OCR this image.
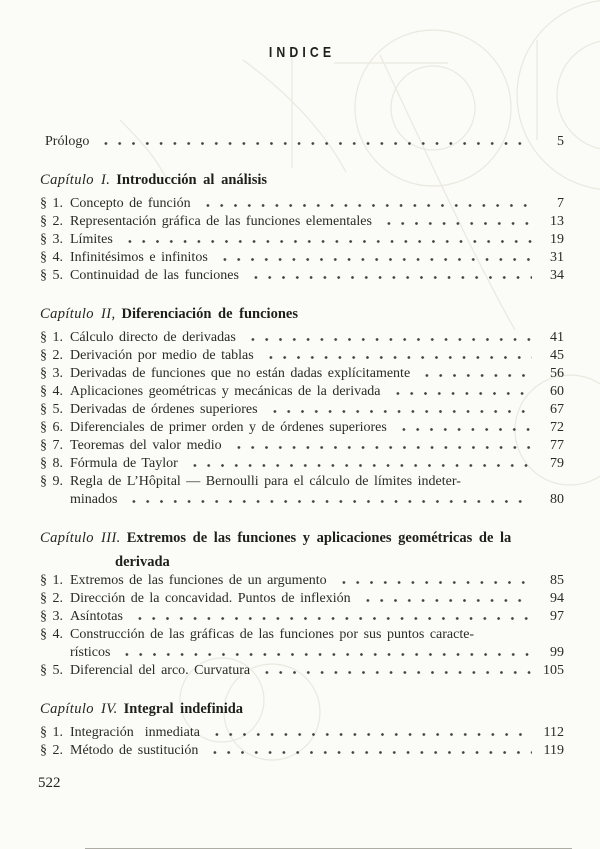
INDICE
Prólogo	5
Capítulo I. Introducción al análisis
§ 1. Concepto de función	7
§ 2. Representación gráfica de las funciones elementales	13
§ 3. Límites	19
§ 4. Infinitésimos e infinitos	31
§ 5. Continuidad de las funciones	34
Capítulo II, Diferenciación de funciones
§ 1. Cálculo directo de derivadas	41
§ 2. Derivación por medio de tablas	45
§ 3. Derivadas de funciones que no están dadas explícitamente	56
§ 4. Aplicaciones geométricas y mecánicas de la derivada	60
§ 5. Derivadas de órdenes superiores	67
§ 6. Diferenciales de primer orden y de órdenes superiores	72
§ 7. Teoremas del valor medio	77
§ 8. Fórmula de Taylor	79
§ 9. Regla de L’Hôpital — Bernoulli para el cálculo de límites indeter-
minados	80
Capítulo III. Extremos de las funciones y aplicaciones geométricas de la
derivada
§ 1. Extremos de las funciones de un argumento	85
§ 2. Dirección de la concavidad. Puntos de inflexión	94
§ 3. Asíntotas	97
§ 4. Construcción de las gráficas de las funciones por sus puntos caracte-
rísticos	99
§ 5. Diferencial del arco. Curvatura	105
Capítulo IV. Integral indefinida
§ 1. Integración  inmediata	112
§ 2. Método de sustitución	119
522
